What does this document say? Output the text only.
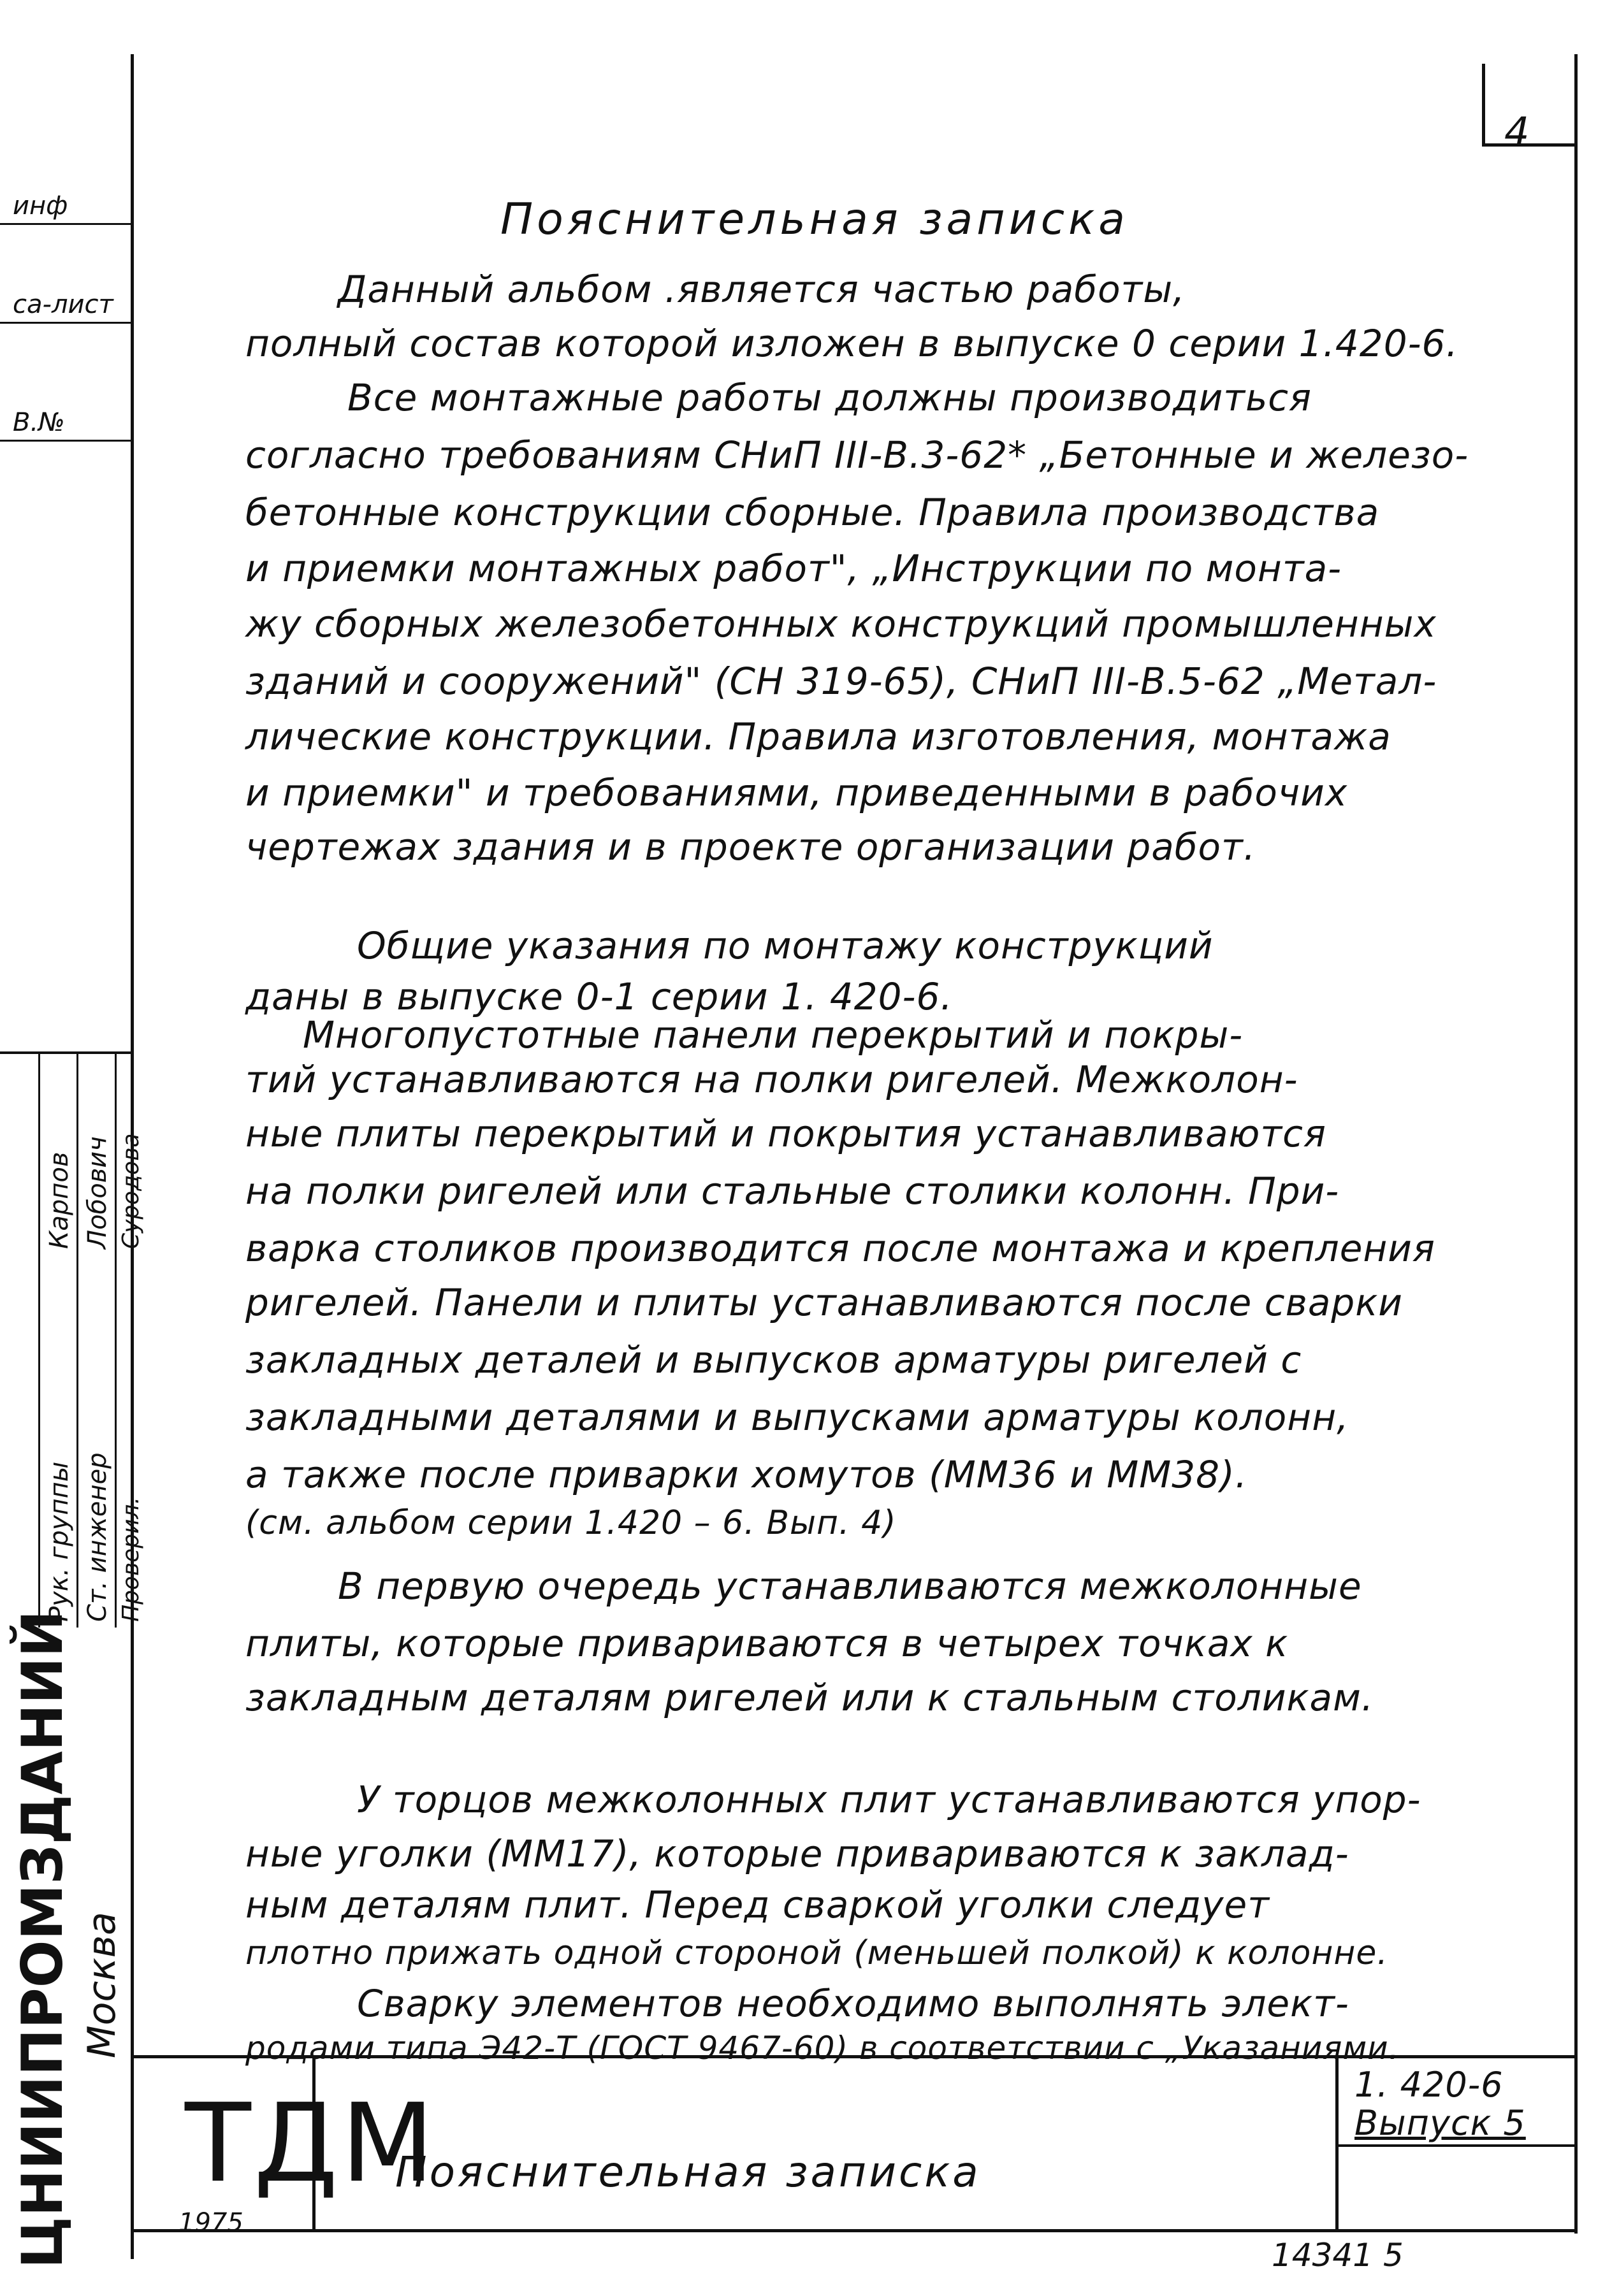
4
инф
са-лист
В.№
Пояснительная записка
Данный альбом .является частью работы,
полный состав которой изложен в выпуске 0 серии 1.420-6.
Все монтажные работы должны производиться
согласно требованиям СНиП III-В.3-62* „Бетонные и железо-
бетонные конструкции сборные. Правила производства
и приемки монтажных работ", „Инструкции по монта-
жу сборных железобетонных конструкций промышленных
зданий и сооружений" (СН 319-65), СНиП III-В.5-62 „Метал-
лические конструкции. Правила изготовления, монтажа
и приемки" и требованиями, приведенными в рабочих
чертежах здания и в проекте организации работ.
Общие указания по монтажу конструкций
даны в выпуске 0-1 серии 1. 420-6.
Многопустотные панели перекрытий и покры-
тий устанавливаются на полки ригелей. Межколон-
ные плиты перекрытий и покрытия устанавливаются
на полки ригелей или стальные столики колонн. При-
варка столиков производится после монтажа и крепления
ригелей. Панели и плиты устанавливаются после сварки
закладных деталей и выпусков арматуры ригелей с
закладными деталями и выпусками арматуры колонн,
а также после приварки хомутов (ММ36 и ММ38).
(см. альбом серии 1.420 – 6. Вып. 4)
В первую очередь устанавливаются межколонные
плиты, которые привариваются в четырех точках к
закладным деталям ригелей или к стальным столикам.
У торцов межколонных плит устанавливаются упор-
ные уголки (ММ17), которые привариваются к заклад-
ным деталям плит. Перед сваркой уголки следует
плотно прижать одной стороной (меньшей полкой) к колонне.
Сварку элементов необходимо выполнять элект-
родами типа Э42-Т (ГОСТ 9467-60) в соответствии с „Указаниями.
Рук. группы Ст. инженер Проверил.
Карпов Лобович Суродова
ЦНИИПРОМЗДАНИЙ Москва
ТДМ
1975
Пояснительная записка
1. 420-6
Выпуск 5
14341 5
